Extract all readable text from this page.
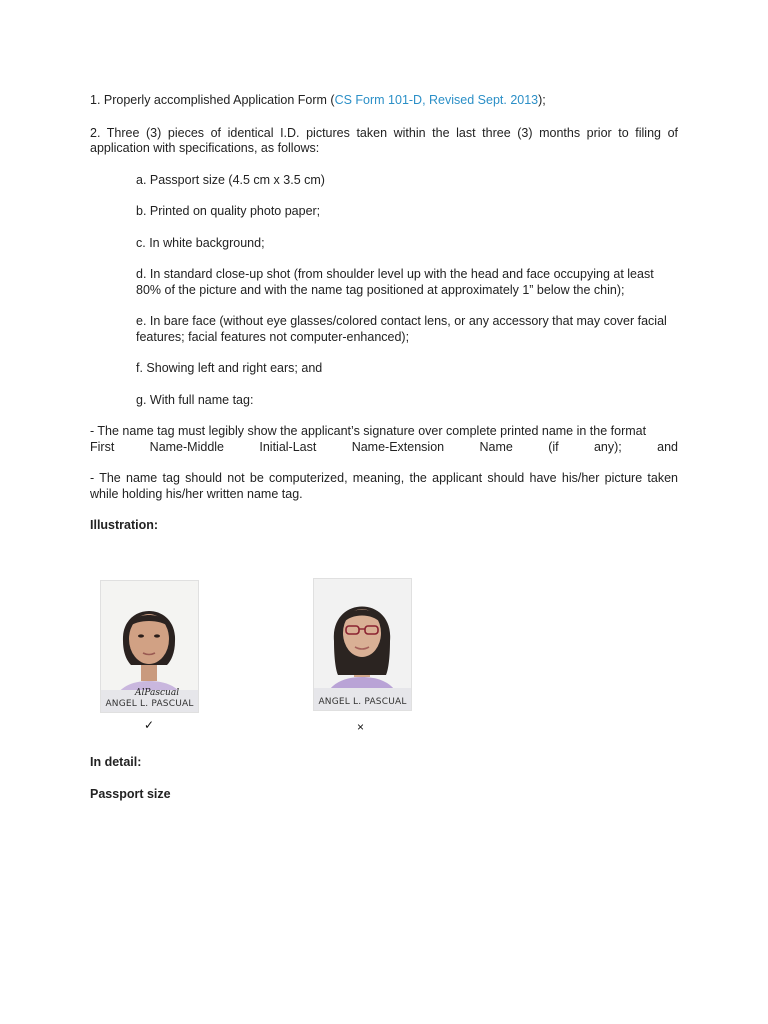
1. Properly accomplished Application Form (CS Form 101-D, Revised Sept. 2013);

2. Three (3) pieces of identical I.D. pictures taken within the last three (3) months prior to filing of application with specifications, as follows:

a. Passport size (4.5 cm x 3.5 cm)

b. Printed on quality photo paper;

c. In white background;

d. In standard close-up shot (from shoulder level up with the head and face occupying at least 80% of the picture and with the name tag positioned at approximately 1” below the chin);

e. In bare face (without eye glasses/colored contact lens, or any accessory that may cover facial features; facial features not computer-enhanced);

f. Showing left and right ears; and

g. With full name tag:

- The name tag must legibly show the applicant’s signature over complete printed name in the format

First Name-Middle Initial-Last Name-Extension Name (if any); and

- The name tag should not be computerized, meaning, the applicant should have his/her picture taken while holding his/her written name tag.

Illustration:

AlPascual
ANGEL L. PASCUAL
✓
ANGEL L. PASCUAL
×

In detail:

Passport size
